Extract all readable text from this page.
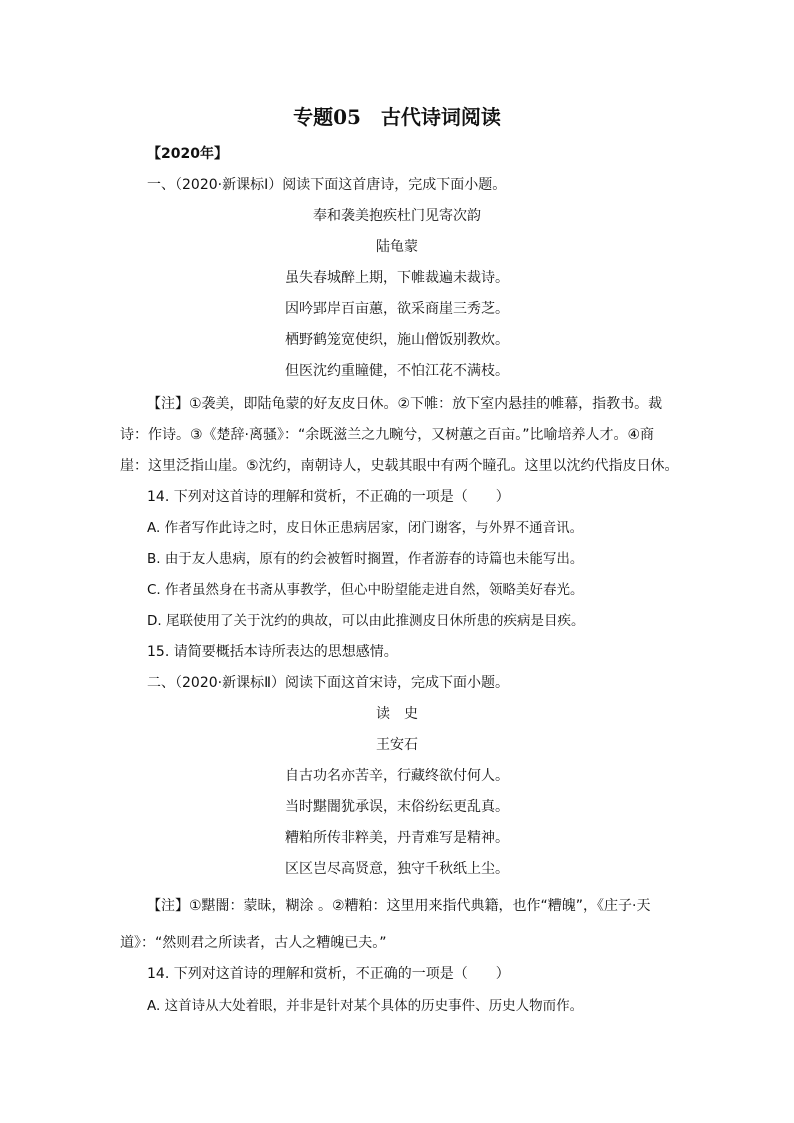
专题05　古代诗词阅读
【2020年】
一、（2020·新课标Ⅰ）阅读下面这首唐诗，完成下面小题。
奉和袭美抱疾杜门见寄次韵
陆龟蒙
虽失春城醉上期，下帷裁遍未裁诗。
因吟郢岸百亩蕙，欲采商崖三秀芝。
栖野鹤笼宽使织，施山僧饭别教炊。
但医沈约重瞳健，不怕江花不满枝。
【注】①袭美，即陆龟蒙的好友皮日休。②下帷：放下室内悬挂的帷幕，指教书。裁
诗：作诗。③《楚辞·离骚》：“余既滋兰之九畹兮，又树蕙之百亩。”比喻培养人才。④商
崖：这里泛指山崖。⑤沈约，南朝诗人，史载其眼中有两个瞳孔。这里以沈约代指皮日休。
14. 下列对这首诗的理解和赏析，不正确的一项是（　　）
A. 作者写作此诗之时，皮日休正患病居家，闭门谢客，与外界不通音讯。
B. 由于友人患病，原有的约会被暂时搁置，作者游春的诗篇也未能写出。
C. 作者虽然身在书斋从事教学，但心中盼望能走进自然，领略美好春光。
D. 尾联使用了关于沈约的典故，可以由此推测皮日休所患的疾病是目疾。
15. 请简要概括本诗所表达的思想感情。
二、（2020·新课标Ⅱ）阅读下面这首宋诗，完成下面小题。
读　史
王安石
自古功名亦苦辛，行藏终欲付何人。
当时黮闇犹承误，末俗纷纭更乱真。
糟粕所传非粹美，丹青难写是精神。
区区岂尽高贤意，独守千秋纸上尘。
【注】①黮闇：蒙昧，糊涂 。②糟粕：这里用来指代典籍，也作“糟魄”，《庄子·天
道》：“然则君之所读者，古人之糟魄已夫。”
14. 下列对这首诗的理解和赏析，不正确的一项是（　　）
A. 这首诗从大处着眼，并非是针对某个具体的历史事件、历史人物而作。
